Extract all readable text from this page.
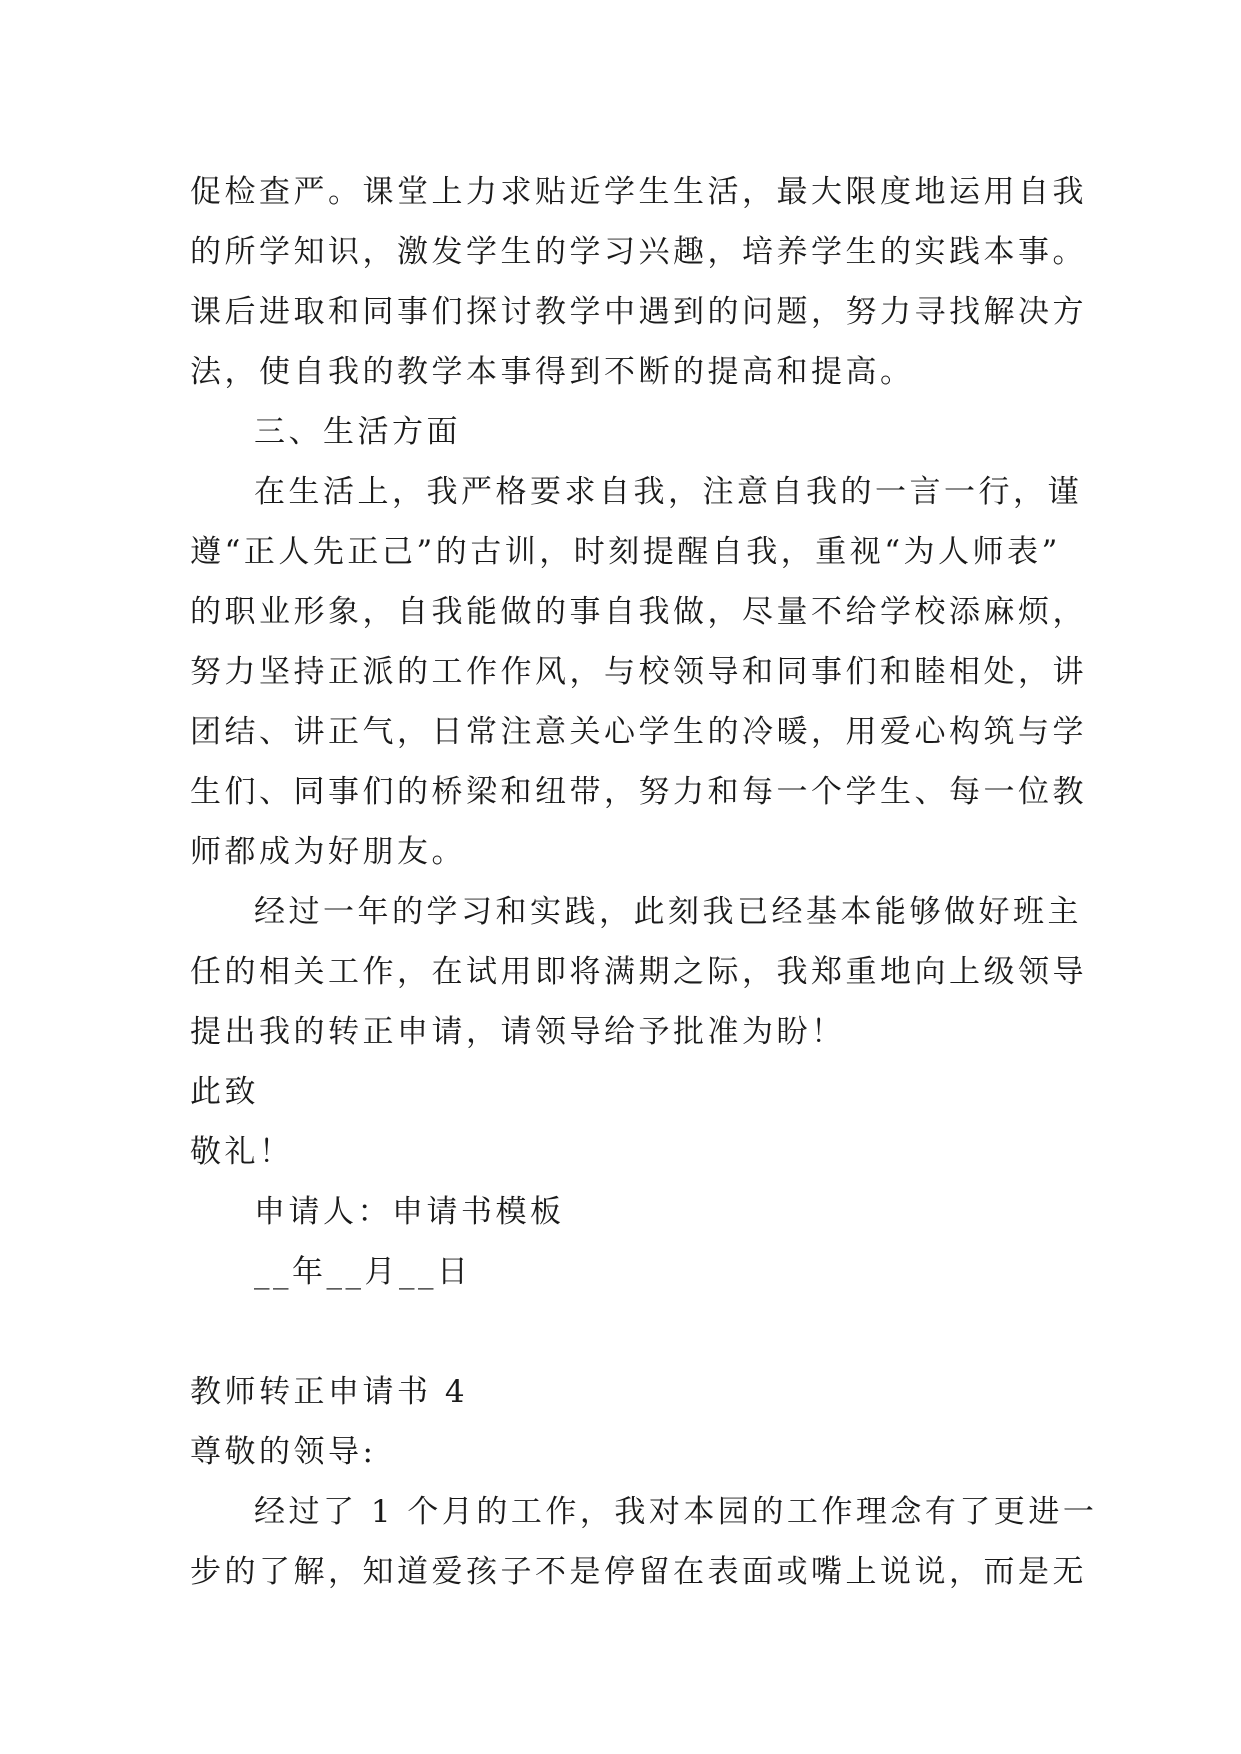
促检查严。课堂上力求贴近学生生活，最大限度地运用自我
的所学知识，激发学生的学习兴趣，培养学生的实践本事。
课后进取和同事们探讨教学中遇到的问题，努力寻找解决方
法，使自我的教学本事得到不断的提高和提高。
三、生活方面
在生活上，我严格要求自我，注意自我的一言一行，谨
遵“正人先正己”的古训，时刻提醒自我，重视“为人师表”
的职业形象，自我能做的事自我做，尽量不给学校添麻烦，
努力坚持正派的工作作风，与校领导和同事们和睦相处，讲
团结、讲正气，日常注意关心学生的冷暖，用爱心构筑与学
生们、同事们的桥梁和纽带，努力和每一个学生、每一位教
师都成为好朋友。
经过一年的学习和实践，此刻我已经基本能够做好班主
任的相关工作，在试用即将满期之际，我郑重地向上级领导
提出我的转正申请，请领导给予批准为盼！
此致
敬礼！
申请人：申请书模板
__年__月__日
教师转正申请书 4
尊敬的领导:
经过了 1 个月的工作，我对本园的工作理念有了更进一
步的了解，知道爱孩子不是停留在表面或嘴上说说，而是无
